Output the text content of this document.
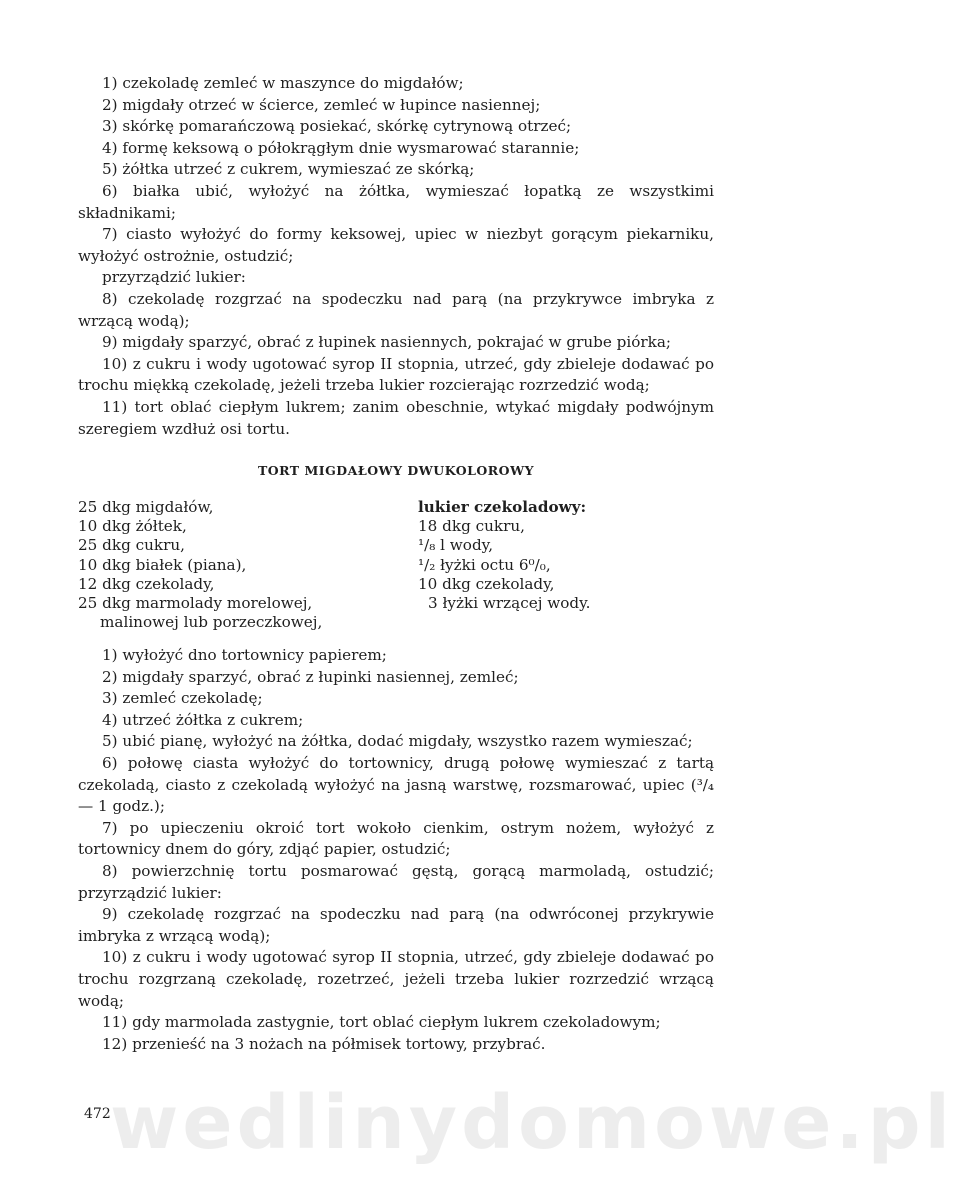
1) czekoladę zemleć w maszynce do migdałów;

2) migdały otrzeć w ścierce, zemleć w łupince nasiennej;

3) skórkę pomarańczową posiekać, skórkę cytrynową otrzeć;

4) formę keksową o półokrągłym dnie wysmarować starannie;

5) żółtka utrzeć z cukrem, wymieszać ze skórką;

6) białka ubić, wyłożyć na żółtka, wymieszać łopatką ze wszystkimi składnikami;

7) ciasto wyłożyć do formy keksowej, upiec w niezbyt gorącym piekarniku, wyłożyć ostrożnie, ostudzić;

przyrządzić lukier:

8) czekoladę rozgrzać na spodeczku nad parą (na przykrywce imbryka z wrzącą wodą);

9) migdały sparzyć, obrać z łupinek nasiennych, pokrajać w grube piórka;

10) z cukru i wody ugotować syrop II stopnia, utrzeć, gdy zbieleje dodawać po trochu miękką czekoladę, jeżeli trzeba lukier rozcierając rozrzedzić wodą;

11) tort oblać ciepłym lukrem; zanim obeschnie, wtykać migdały podwójnym szeregiem wzdłuż osi tortu.

TORT MIGDAŁOWY DWUKOLOROWY
25 dkg migdałów,
10 dkg żółtek,
25 dkg cukru,
10 dkg białek (piana),
12 dkg czekolady,
25 dkg marmolady morelowej,
malinowej lub porzeczkowej,
lukier czekoladowy:
18 dkg cukru,
¹/₈ l wody,
¹/₂ łyżki octu 6⁰/₀,
10 dkg czekolady,
3 łyżki wrzącej wody.

1) wyłożyć dno tortownicy papierem;

2) migdały sparzyć, obrać z łupinki nasiennej, zemleć;

3) zemleć czekoladę;

4) utrzeć żółtka z cukrem;

5) ubić pianę, wyłożyć na żółtka, dodać migdały, wszystko razem wymieszać;

6) połowę ciasta wyłożyć do tortownicy, drugą połowę wymieszać z tartą czekoladą, ciasto z czekoladą wyłożyć na jasną warstwę, rozsmarować, upiec (³/₄ — 1 godz.);

7) po upieczeniu okroić tort wokoło cienkim, ostrym nożem, wyłożyć z tortownicy dnem do góry, zdjąć papier, ostudzić;

8) powierzchnię tortu posmarować gęstą, gorącą marmoladą, ostudzić; przyrządzić lukier:

9) czekoladę rozgrzać na spodeczku nad parą (na odwróconej przykrywie imbryka z wrzącą wodą);

10) z cukru i wody ugotować syrop II stopnia, utrzeć, gdy zbieleje dodawać po trochu rozgrzaną czekoladę, rozetrzeć, jeżeli trzeba lukier rozrzedzić wrzącą wodą;

11) gdy marmolada zastygnie, tort oblać ciepłym lukrem czekoladowym;

12) przenieść na 3 nożach na półmisek tortowy, przybrać.

wedlinydomowe.pl
472
